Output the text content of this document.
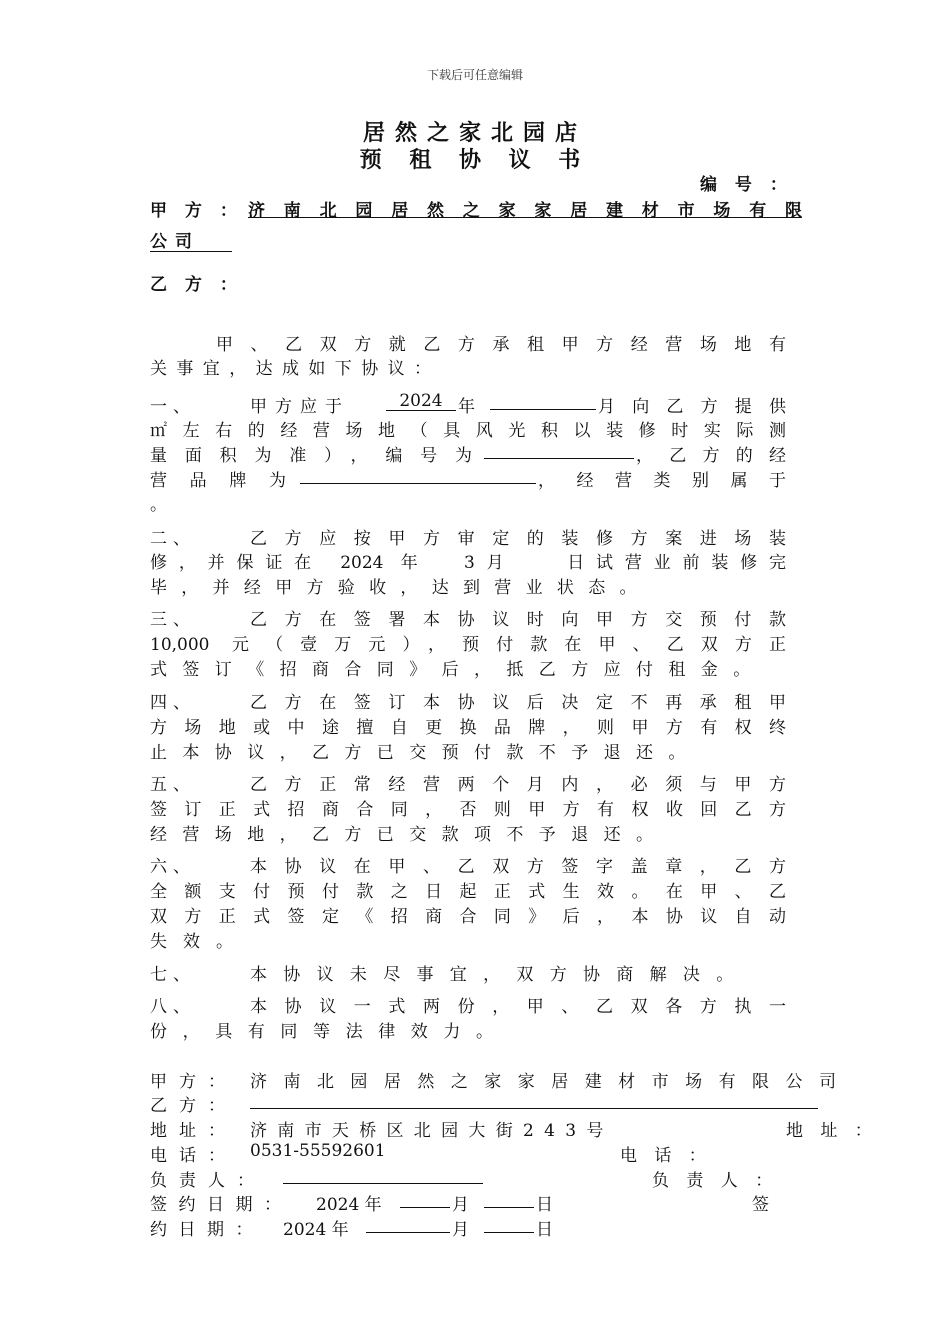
下载后可任意编辑
居然之家北园店
预 租 协 议 书
编 号 ：
甲 方 ： 济南北园居然之家家居建材市场有限
公司
乙 方 ：
甲、乙双方就乙方承租甲方经营场地有
关事宜，达成如下协议：
一、	甲方应于	2024 年	月向乙方提供
㎡左右的经营场地（具风光积以装修时实际测
量面积为准），编号为	，乙方的经
营品牌为	，经营类别属于
。
二、	乙方应按甲方审定的装修方案进场装
修，并保证在 2024 年  3月   日试营业前装修完
毕，并经甲方验收，达到营业状态。
三、	乙方在签署本协议时向甲方交预付款
10,000 元（壹万元），预付款在甲、乙双方正
式签订《招商合同》后，抵乙方应付租金。
四、	乙方在签订本协议后决定不再承租甲
方场地或中途擅自更换品牌，则甲方有权终
止本协议，乙方已交预付款不予退还。
五、	乙方正常经营两个月内，必须与甲方
签订正式招商合同，否则甲方有权收回乙方
经营场地，乙方已交款项不予退还。
六、	本协议在甲、乙双方签字盖章，乙方
全额支付预付款之日起正式生效。在甲、乙
双方正式签定《招商合同》后，本协议自动
失效。
七、	本协议未尽事宜，双方协商解决。
八、	本协议一式两份，甲、乙双各方执一
份，具有同等法律效力。
甲方： 济南北园居然之家家居建材市场有限公司
乙方：
地址： 济南市天桥区北园大街243号	地 址 ：
电话： 0531-55592601	电 话 ：
负责人：	负 责 人 ：
签约日期： 2024 年	月	日	签
约日期： 2024 年	月	日
